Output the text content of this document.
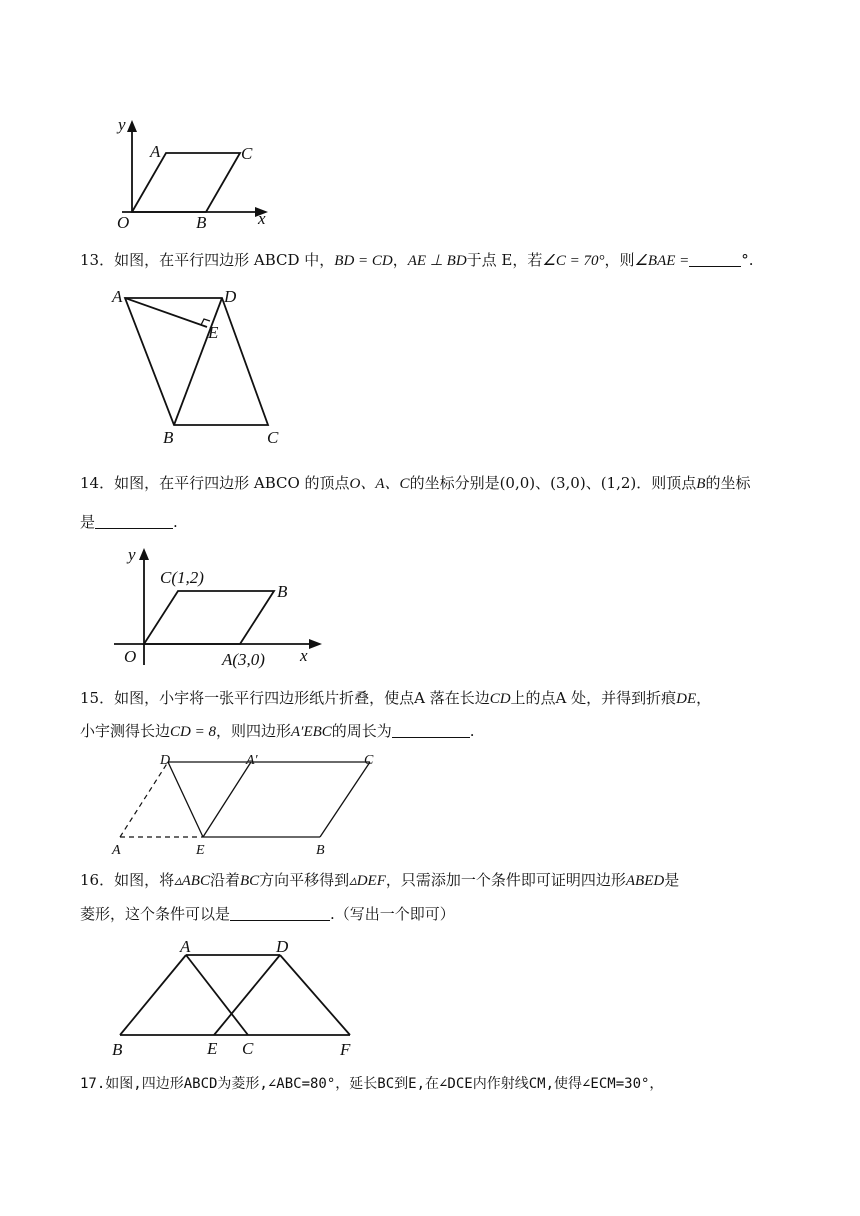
y
x
A	C
O	B
13．如图，在平行四边形 ABCD 中，BD = CD，AE ⊥ BD于点 E，若∠C = 70°，则∠BAE =	°.
A	D
E
B	C
14．如图，在平行四边形 ABCO 的顶点O、A、C的坐标分别是(0,0)、(3,0)、(1,2)．则顶点B的坐标
是	.
y
x
C(1,2)
B
O	A(3,0)
15．如图，小宇将一张平行四边形纸片折叠，使点A 落在长边CD上的点A 处，并得到折痕DE，
小宇测得长边CD = 8，则四边形A′EBC的周长为	.
D	A′	C
A	E	B
16．如图，将▵ABC沿着BC方向平移得到▵DEF，只需添加一个条件即可证明四边形ABED是
菱形，这个条件可以是	.（写出一个即可）
A	D
B	E C	F
17.如图,四边形ABCD为菱形,∠ABC=80°，延长BC到E,在∠DCE内作射线CM,使得∠ECM=30°，
